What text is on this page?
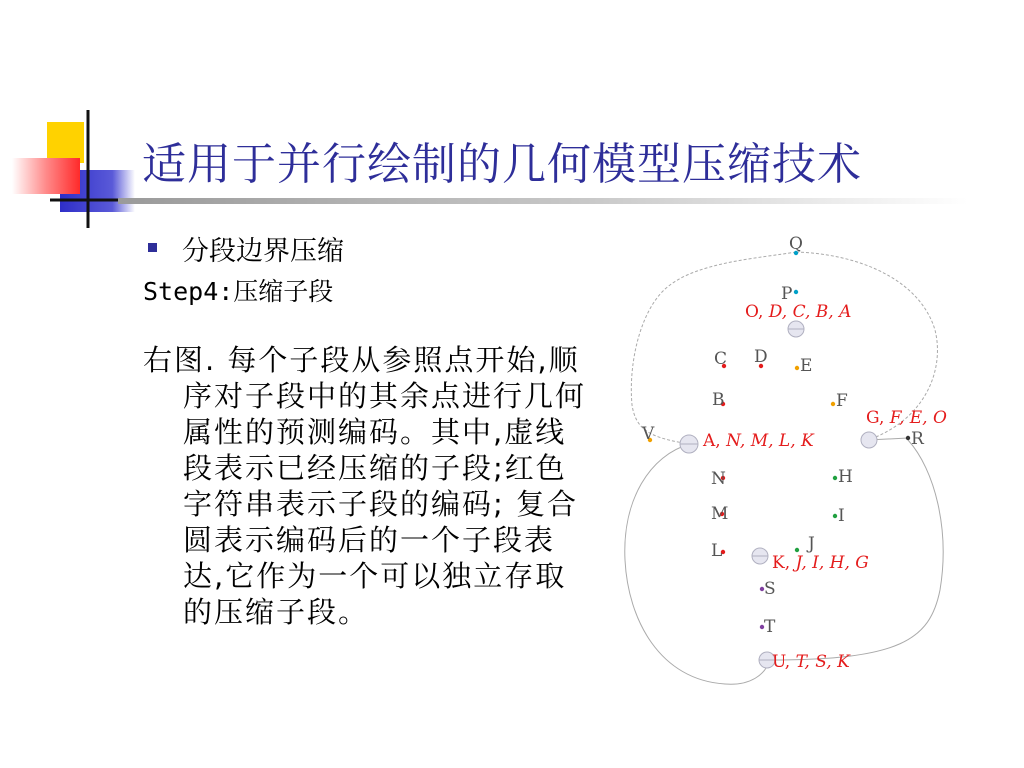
适用于并行绘制的几何模型压缩技术
分段边界压缩
Step4:压缩子段
右图. 每个子段从参照点开始,顺序对子段中的其余点进行几何属性的预测编码。其中,虚线段表示已经压缩的子段;红色字符串表示子段的编码; 复合圆表示编码后的一个子段表达,它作为一个可以独立存取的压缩子段。
Q
P
C D E
B	F
V	R
N	H
M	I
L	J
S
T
O, D, C, B, A
A, N, M, L, K
G, F, E, O
K, J, I, H, G
U, T, S, K
